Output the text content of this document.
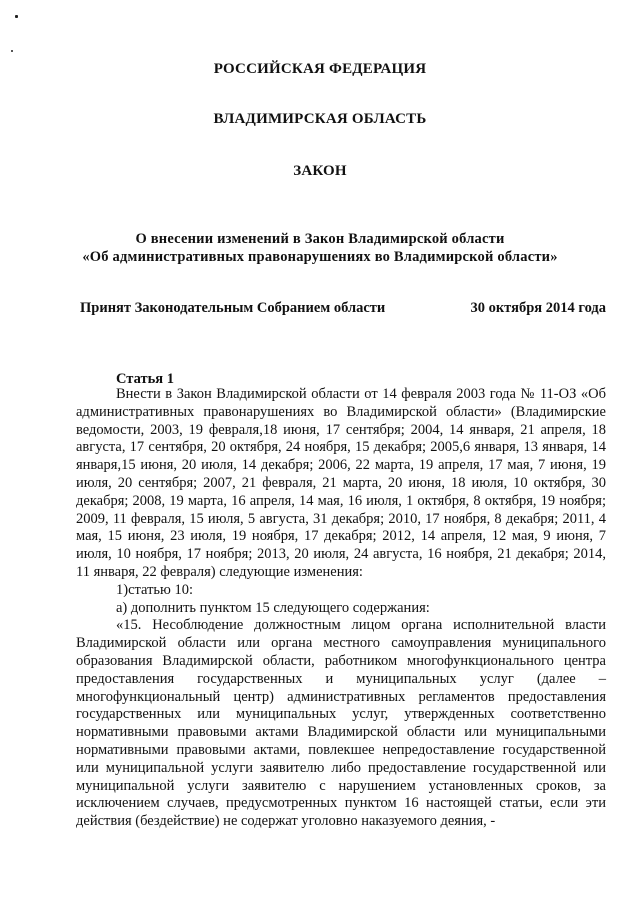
РОССИЙСКАЯ ФЕДЕРАЦИЯ
ВЛАДИМИРСКАЯ ОБЛАСТЬ
ЗАКОН
О внесении изменений в Закон Владимирской области
«Об административных правонарушениях во Владимирской области»
Принят Законодательным Собранием области	30 октября 2014 года
Статья 1

Внести в Закон Владимирской области от 14 февраля 2003 года № 11-ОЗ «Об административных правонарушениях во Владимирской области» (Владимирские ведомости, 2003, 19 февраля,18 июня, 17 сентября; 2004, 14 января, 21 апреля, 18 августа, 17 сентября, 20 октября, 24 ноября, 15 декабря; 2005,6 января, 13 января, 14 января,15 июня, 20 июля, 14 декабря; 2006, 22 марта, 19 апреля, 17 мая, 7 июня, 19 июля, 20 сентября; 2007, 21 февраля, 21 марта, 20 июня, 18 июля, 10 октября, 30 декабря; 2008, 19 марта, 16 апреля, 14 мая, 16 июля, 1 октября, 8 октября, 19 ноября; 2009, 11 февраля, 15 июля, 5 августа, 31 декабря; 2010, 17 ноября, 8 декабря; 2011, 4 мая, 15 июня, 23 июля, 19 ноября, 17 декабря; 2012, 14 апреля, 12 мая, 9 июня, 7 июля, 10 ноября, 17 ноября; 2013, 20 июля, 24 августа, 16 ноября, 21 декабря; 2014, 11 января, 22 февраля) следующие изменения:

1)статью 10:

а) дополнить пунктом 15 следующего содержания:

«15. Несоблюдение должностным лицом органа исполнительной власти Владимирской области или органа местного самоуправления муниципального образования Владимирской области, работником многофункционального центра предоставления государственных и муниципальных услуг (далее – многофункциональный центр) административных регламентов предоставления государственных или муниципальных услуг, утвержденных соответственно нормативными правовыми актами Владимирской области или муниципальными нормативными правовыми актами, повлекшее непредоставление государственной или муниципальной услуги заявителю либо предоставление государственной или муниципальной услуги заявителю с нарушением установленных сроков, за исключением случаев, предусмотренных пунктом 16 настоящей статьи, если эти действия (бездействие) не содержат уголовно наказуемого деяния, -
